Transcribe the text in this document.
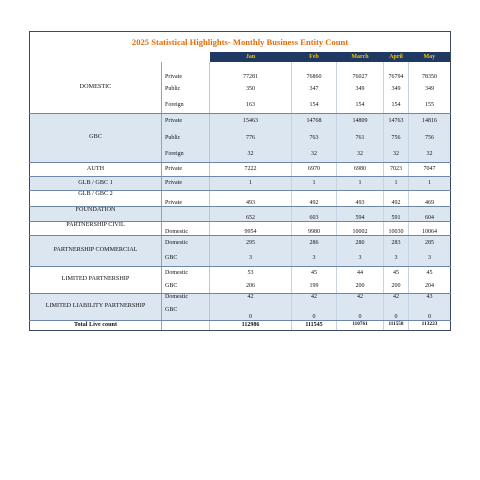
2025 Statistical Highlights- Monthly Business Entity Count						
		Jan	Feb	March	April	May
DOMESTIC	Private	77281	76860	76027	76794	78350
	Public	350	347	349	349	349
	Foreign	163	154	154	154	155
GBC	Private	15463	14768	14809	14763	14816
	Public	776	763	761	756	756
	Foreign	32	32	32	32	32
AUTH	Private	7222	6970	6980	7023	7047
GLB / GBC 1	Private	1	1	1	1	1
GLB / GBC 2	Private	493	492	493	492	469
FOUNDATION		652	603	594	591	604
PARTNERSHIP CIVIL	Domestic	9954	9980	10002	10030	10064
PARTNERSHIP COMMERCIAL	Domestic	295	286	280	283	285
	GBC	3	3	3	3	3
LIMITED PARTNERSHIP	Domestic	53	45	44	45	45
	GBC	206	199	200	200	204
LIMITED LIABILITY PARTNERSHIP	Domestic	42	42	42	42	43
	GBC	0	0	0	0	0
Total Live count		112986	111545	110761	111558	113223
